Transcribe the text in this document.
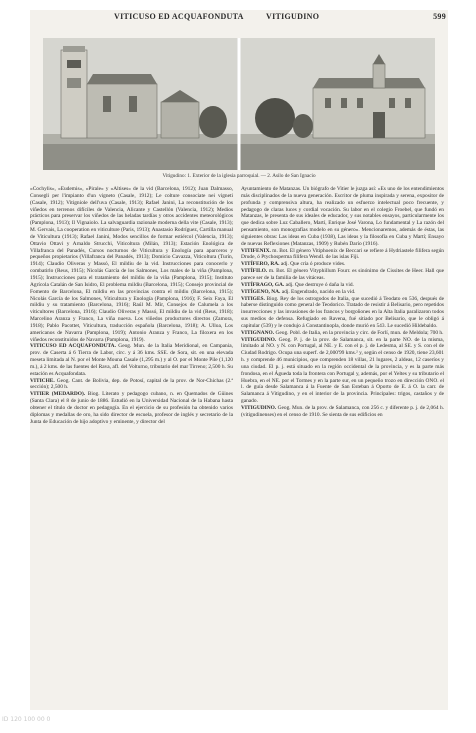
VITICUSO ED ACQUAFONDUTA	VITIGUDINO	599
Vitigudino: 1. Exterior de la iglesia parroquial. — 2. Asilo de San Ignacio

«Cochylis», «Eudemis», «Pirale» y «Altises» de la vid (Barcelona, 1912); Juan Dalmasso, Consegli per l'impianto d'un vigneto (Casale, 1912); Le colture consociate nei vigneti (Casale, 1912); Vitigniole dell'uva (Casale, 1913); Rafael Janini, La reconstitución de los viñedos en terrenos difíciles de Valencia, Alicante y Castellón (Valencia, 1912); Medios prácticos para preservar los viñedos de las heladas tardías y otros accidentes meteorológicos (Pamplona, 1913); Il Vignaiolo. La salvaguardia razionale moderna della vite (Casale, 1913); M. Gervais, La cooperation en viticulture (Paris, 1913); Anastasio Rodríguez, Cartilla manual de Viticultura (1913); Rafael Janini, Modos sencillos de formar estiércol (Valencia, 1913); Ottavio Ottavi y Arnaldo Strucchi, Viticoltura (Milán, 1913); Estación Enológica de Villafranca del Panadés, Cursos nocturnos de Viticultura y Enología para aparceros y pequeños propietarios (Villafranca del Panadés, 1913); Domicio Cavazza, Viticoltura (Turín, 1914); Claudio Oliveras y Massó, El mildiu de la vid. Instrucciones para conocerlo y combatirlo (Reus, 1915); Nicolás García de los Salmones, Los males de la viña (Pamplona, 1915); Instrucciones para el tratamiento del mildiu de la viña (Pamplona, 1915); Instituto Agrícola Catalán de San Isidro, El problema mildiu (Barcelona, 1915); Consejo provincial de Fomento de Barcelona, El mildiu en las provincias contra el mildiu (Barcelona, 1915); Nicolás García de los Salmones, Viticultura y Enología (Pamplona, 1916); F. Seix Faya, El mildiu y su tratamiento (Barcelona, 1916); Raúl M. Mir, Consejos de Calumela a los viticultores (Barcelona, 1916); Claudio Oliveras y Massó, El mildiu de la vid (Reus, 1918); Marcelino Aranza y Franco, La viña nueva. Los viñedos productores directos (Zamora, 1918); Pablo Pacottet, Viticultura, traducción española (Barcelona, 1918); A. Ulloa, Los americanos de Navarra (Pamplona, 1919); Antonio Aranza y Franco, La filoxera en los viñedos reconstituidos de Navarra (Pamplona, 1919).

VITICUSO ED ACQUAFONDUTA. Geog. Mun. de la Italia Meridional, en Campania, prov. de Caserta á 6 Tierra de Labor, circ. y á 36 kms. SSE. de Sora, sit. en una elevada meseta limitada al N. por el Monte Mouna Casale (1,295 m.) y al O. por el Monte Pile (1,120 m.), á 2 kms. de las fuentes del Rava, afl. del Volturno, tributario del mar Tirreno; 2,500 h. Su estación es Acquafondata.

VITICHE. Geog. Cant. de Bolivia, dep. de Potosí, capital de la prov. de Nor-Chichas (2.ª sección); 2,500 h.

VITIER (MEDARDO). Biog. Literato y pedagogo cubano, n. en Quemados de Güines (Santa Clara) el 8 de junio de 1886. Estudió en la Universidad Nacional de la Habana hasta obtener el título de doctor en pedagogía. En el ejercicio de su profesión ha obtenido varios diplomas y medallas de oro, ha sido director de escuela, profesor de inglés y secretario de la Junta de Educación de hijo adoptivo y eminente, y director del

Ayuntamiento de Matanzas. Un biógrafo de Vitier le juzga así: «Es uno de los entendimientos más disciplinados de la nueva generación. Escritor de pluma inspirada y serena, expositor de profunda y comprensiva altura, ha realizado un esfuerzo intelectual poco frecuente, y pedagogo de claras luces y cordial vocación. Su labor en el colegio Froebel, que fundó en Matanzas, le presenta de sus ideales de educador, y sus notables ensayos, particularmente los que dedica sobre Luz Caballero, Martí, Enrique José Varona, Lo fundamental y La razón del pensamiento, son monografías modelo en su género». Mencionaremos, además de éstas, las siguientes obras: Las ideas en Cuba (1938), Las ideas y la filosofía en Cuba y Martí; Ensayo de nuevas Reflexiones (Matanzas, 1909) y Rubén Darío (1916).

VITIFENIX. m. Bot. El género Vitiphoenix de Beccari se refiere á Hydriastele filifera según Drude, ó Ptychosperma filifera Wendl. de las islas Fiji.

VITÍFERO, RA. adj. Que cría ó produce vides.

VITÍFILO. m. Bot. El género Vityphillum Fourr. es sinónimo de Cissites de Heer. Hall que parece ser de la familia de las vitáceas.

VITÍFRAGO, GA. adj. Que destruye ó daña la vid.

VITÍGENO, NA. adj. Engendrado, nacido en la vid.

VITIGES. Biog. Rey de los ostrogodos de Italia, que sucedió á Teodato en 536, después de haberse distinguido como general de Teodorico. Tratado de resistir á Belisario, pero repetidos insurrecciones y las invasiones de los francos y borgoñones en la Alta Italia paralizaron todos sus medios de defensa. Refugiado en Ravena, fué sitiado por Belisario, que le obligó á capitular (539) y le condujo á Constantinopla, donde murió en 543. Le sucedió Hildebaldo.

VITIGNANO. Geog. Pobl. de Italia, en la provincia y circ. de Forlí, mun. de Meldola; 700 h.

VITIGUDINO. Geog. P. j. de la prov. de Salamanca, sit. en la parte NO. de la misma, limitado al NO. y N. con Portugal, al NE. y E. con el p. j. de Ledesma, al SE. y S. con el de Ciudad Rodrigo. Ocupa una superf. de 2,000'99 kms.² y, según el censo de 1920, tiene 23,601 h. y comprende 46 municipios, que comprenden 18 villas, 21 lugares, 2 aldeas, 12 caseríos y una ciudad. El p. j. está situado en la región occidental de la provincia, y es la parte más frondosa, en el Águeda toda la frontera con Portugal y, además, por el Yeltes y su tributario el Huebra, en el NE. por el Tormes y en la parte sur, en un pequeño trozo en dirección ONO. el l. de guía desde Salamanca á la Fuente de San Esteban á Oporto de E. á O. la carr. de Salamanca á Vitigudino, y en el interior de la provincia. Principales: trigos, castaños y de ganado.

VITIGUDINO. Geog. Mun. de la prov. de Salamanca, con 256 c. y diferente p. j. de 2,064 h. (vitigudinenses) en el censo de 1910. Se sienta de sus edificios en

ID 120 100 00 0
